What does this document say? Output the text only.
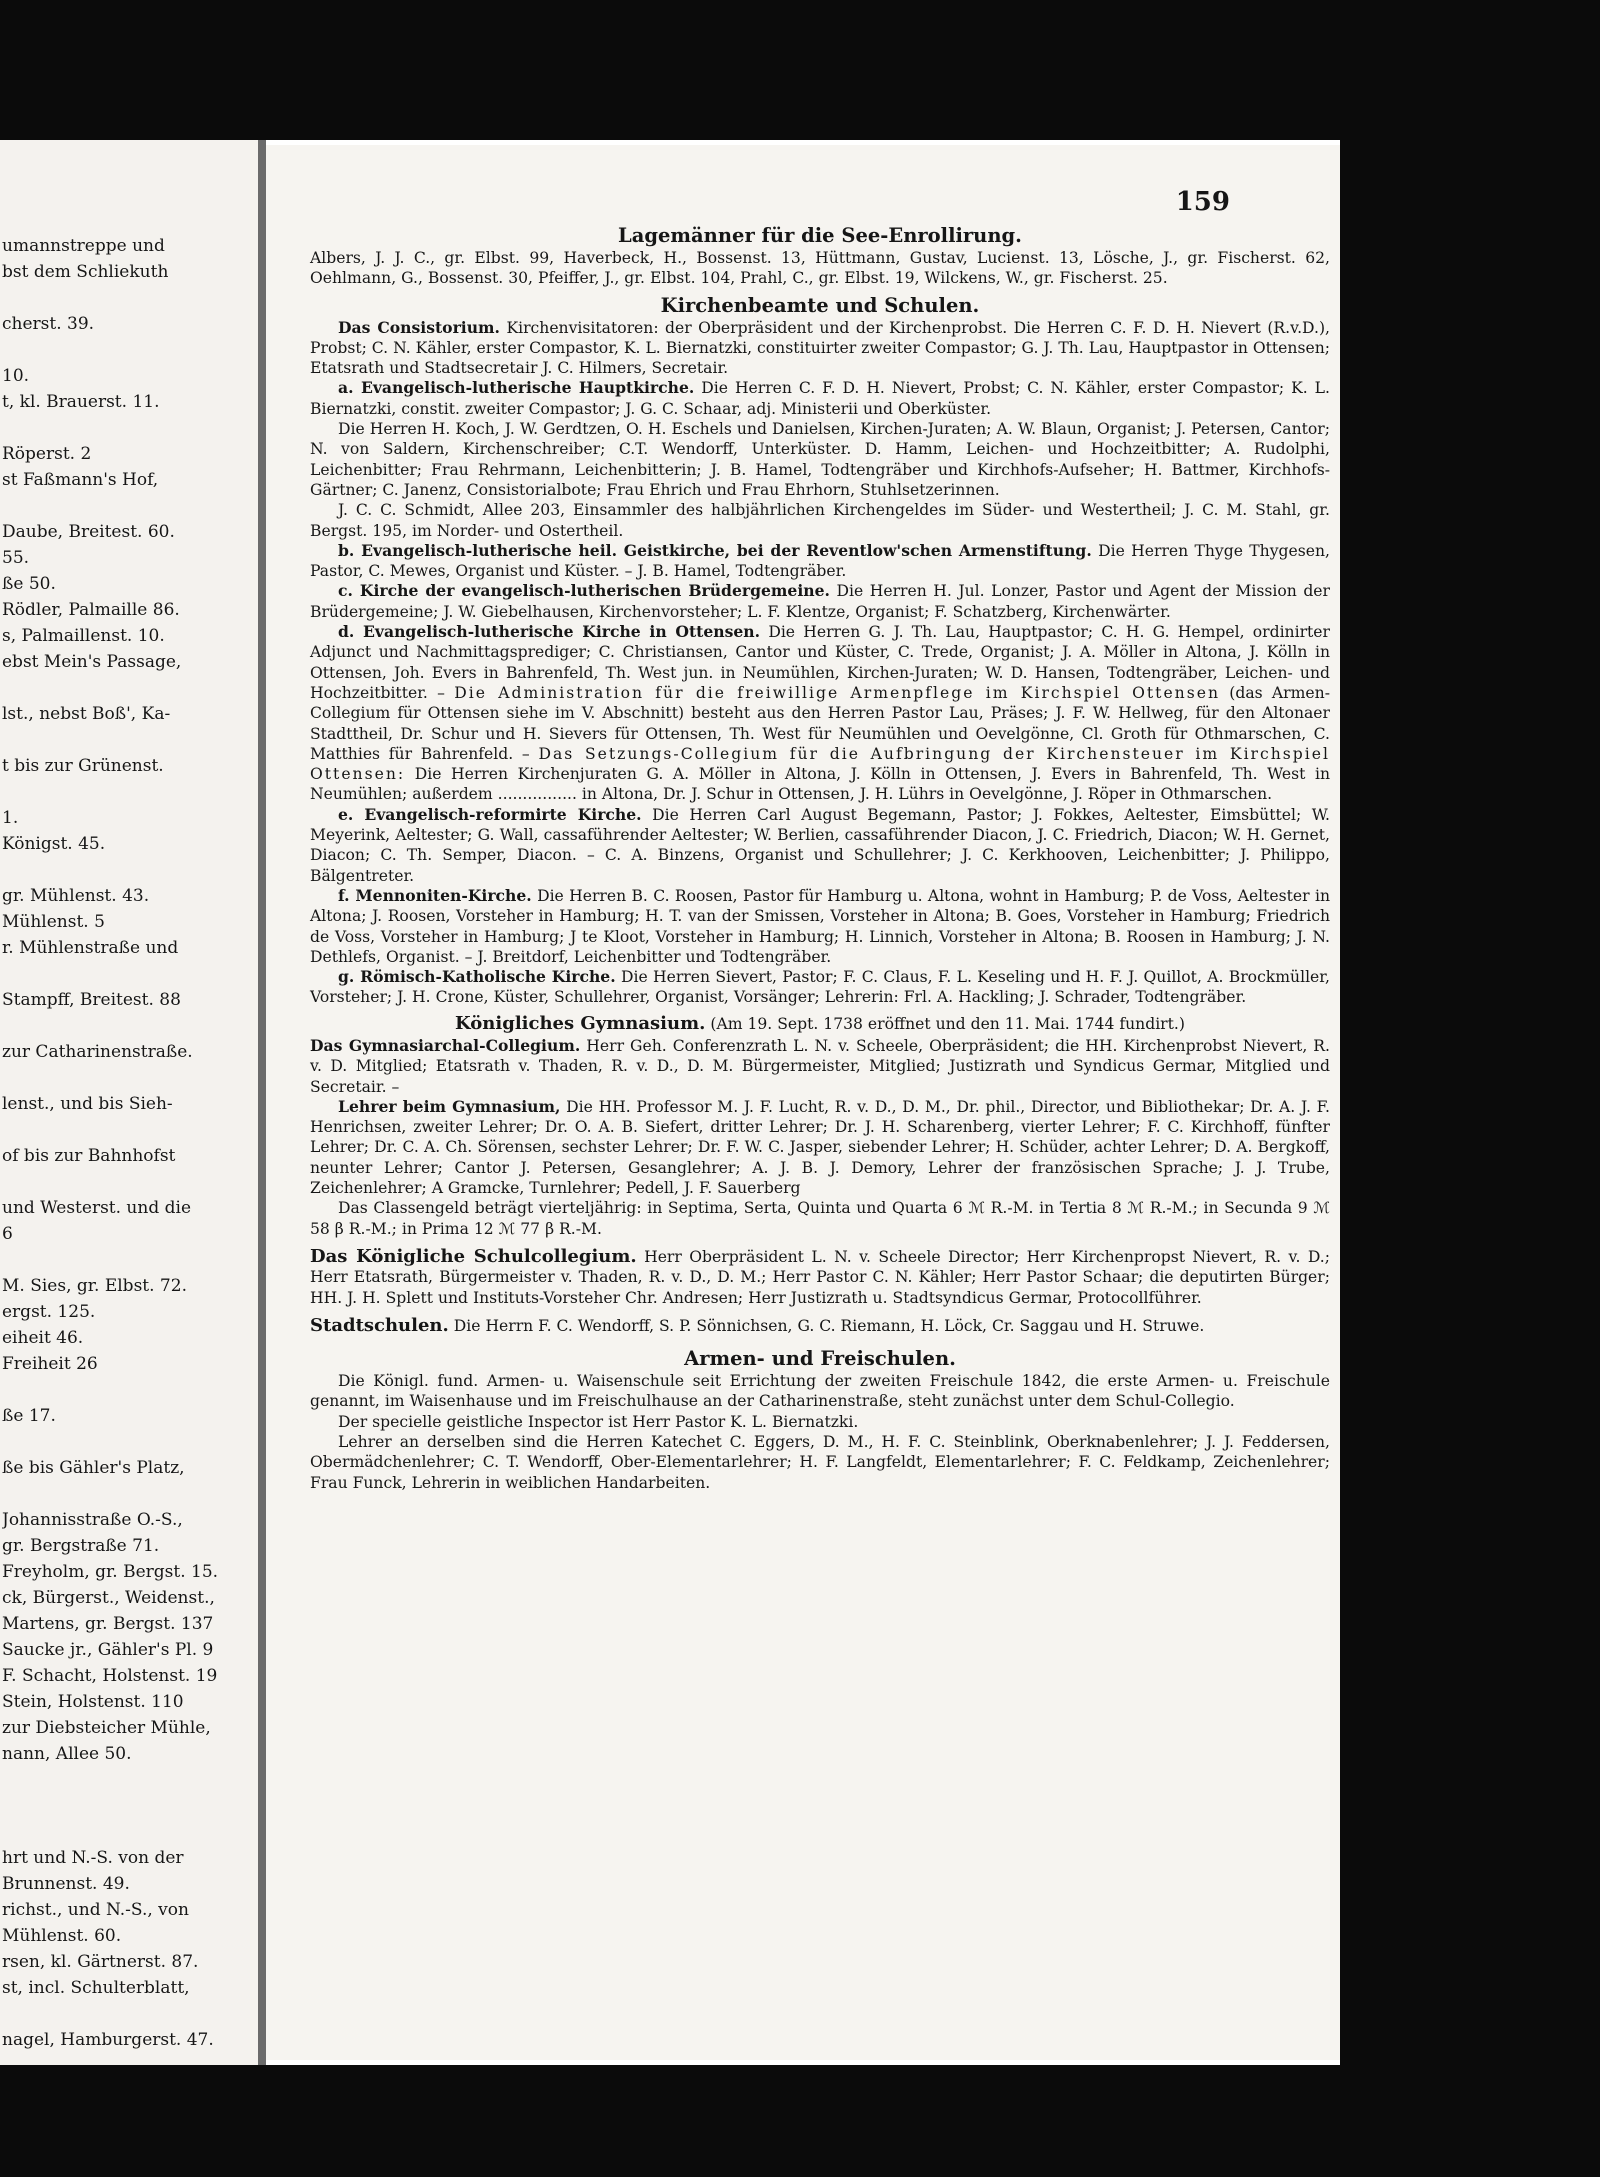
umannstreppe und
bst dem Schliekuth
cherst. 39.
10.
t, kl. Brauerst. 11.
Röperst. 2
st Faßmann's Hof,
Daube, Breitest. 60.
55.
ße 50.
Rödler, Palmaille 86.
s, Palmaillenst. 10.
ebst Mein's Passage,
lst., nebst Boß', Ka-
t bis zur Grünenst.
1.
Königst. 45.
gr. Mühlenst. 43.
Mühlenst. 5
r. Mühlenstraße und
Stampff, Breitest. 88
zur Catharinenstraße.
lenst., und bis Sieh-
of bis zur Bahnhofst
und Westerst. und die
6
M. Sies, gr. Elbst. 72.
ergst. 125.
eiheit 46.
Freiheit 26
ße 17.
ße bis Gähler's Platz,
Johannisstraße O.-S.,
gr. Bergstraße 71.
Freyholm, gr. Bergst. 15.
ck, Bürgerst., Weidenst.,
Martens, gr. Bergst. 137
Saucke jr., Gähler's Pl. 9
F. Schacht, Holstenst. 19
Stein, Holstenst. 110
zur Diebsteicher Mühle,
nann, Allee 50.
hrt und N.-S. von der
Brunnenst. 49.
richst., und N.-S., von
Mühlenst. 60.
rsen, kl. Gärtnerst. 87.
st, incl. Schulterblatt,
nagel, Hamburgerst. 47.
159

Lagemänner für die See-Enrollirung.

Albers, J. J. C., gr. Elbst. 99, Haverbeck, H., Bossenst. 13, Hüttmann, Gustav, Lucienst. 13, Lösche, J., gr. Fischerst. 62, Oehlmann, G., Bossenst. 30, Pfeiffer, J., gr. Elbst. 104, Prahl, C., gr. Elbst. 19, Wilckens, W., gr. Fischerst. 25.

Kirchenbeamte und Schulen.

Das Consistorium. Kirchenvisitatoren: der Oberpräsident und der Kirchenprobst. Die Herren C. F. D. H. Nievert (R.v.D.), Probst; C. N. Kähler, erster Compastor, K. L. Biernatzki, constituirter zweiter Compastor; G. J. Th. Lau, Hauptpastor in Ottensen; Etatsrath und Stadtsecretair J. C. Hilmers, Secretair.

a. Evangelisch-lutherische Hauptkirche. Die Herren C. F. D. H. Nievert, Probst; C. N. Kähler, erster Compastor; K. L. Biernatzki, constit. zweiter Compastor; J. G. C. Schaar, adj. Ministerii und Oberküster.

Die Herren H. Koch, J. W. Gerdtzen, O. H. Eschels und Danielsen, Kirchen-Juraten; A. W. Blaun, Organist; J. Petersen, Cantor; N. von Saldern, Kirchenschreiber; C.T. Wendorff, Unterküster. D. Hamm, Leichen- und Hochzeitbitter; A. Rudolphi, Leichenbitter; Frau Rehrmann, Leichenbitterin; J. B. Hamel, Todtengräber und Kirchhofs-Aufseher; H. Battmer, Kirchhofs-Gärtner; C. Janenz, Consistorialbote; Frau Ehrich und Frau Ehrhorn, Stuhlsetzerinnen.

J. C. C. Schmidt, Allee 203, Einsammler des halbjährlichen Kirchengeldes im Süder- und Westertheil; J. C. M. Stahl, gr. Bergst. 195, im Norder- und Ostertheil.

b. Evangelisch-lutherische heil. Geistkirche, bei der Reventlow'schen Armenstiftung. Die Herren Thyge Thygesen, Pastor, C. Mewes, Organist und Küster. – J. B. Hamel, Todtengräber.

c. Kirche der evangelisch-lutherischen Brüdergemeine. Die Herren H. Jul. Lonzer, Pastor und Agent der Mission der Brüdergemeine; J. W. Giebelhausen, Kirchenvorsteher; L. F. Klentze, Organist; F. Schatzberg, Kirchenwärter.

d. Evangelisch-lutherische Kirche in Ottensen. Die Herren G. J. Th. Lau, Hauptpastor; C. H. G. Hempel, ordinirter Adjunct und Nachmittagsprediger; C. Christiansen, Cantor und Küster, C. Trede, Organist; J. A. Möller in Altona, J. Kölln in Ottensen, Joh. Evers in Bahrenfeld, Th. West jun. in Neumühlen, Kirchen-Juraten; W. D. Hansen, Todtengräber, Leichen- und Hochzeitbitter. – Die Administration für die freiwillige Armenpflege im Kirchspiel Ottensen (das Armen-Collegium für Ottensen siehe im V. Abschnitt) besteht aus den Herren Pastor Lau, Präses; J. F. W. Hellweg, für den Altonaer Stadttheil, Dr. Schur und H. Sievers für Ottensen, Th. West für Neumühlen und Oevelgönne, Cl. Groth für Othmarschen, C. Matthies für Bahrenfeld. – Das Setzungs-Collegium für die Aufbringung der Kirchensteuer im Kirchspiel Ottensen: Die Herren Kirchenjuraten G. A. Möller in Altona, J. Kölln in Ottensen, J. Evers in Bahrenfeld, Th. West in Neumühlen; außerdem ................ in Altona, Dr. J. Schur in Ottensen, J. H. Lührs in Oevelgönne, J. Röper in Othmarschen.

e. Evangelisch-reformirte Kirche. Die Herren Carl August Begemann, Pastor; J. Fokkes, Aeltester, Eimsbüttel; W. Meyerink, Aeltester; G. Wall, cassaführender Aeltester; W. Berlien, cassaführender Diacon, J. C. Friedrich, Diacon; W. H. Gernet, Diacon; C. Th. Semper, Diacon. – C. A. Binzens, Organist und Schullehrer; J. C. Kerkhooven, Leichenbitter; J. Philippo, Bälgentreter.

f. Mennoniten-Kirche. Die Herren B. C. Roosen, Pastor für Hamburg u. Altona, wohnt in Hamburg; P. de Voss, Aeltester in Altona; J. Roosen, Vorsteher in Hamburg; H. T. van der Smissen, Vorsteher in Altona; B. Goes, Vorsteher in Hamburg; Friedrich de Voss, Vorsteher in Hamburg; J te Kloot, Vorsteher in Hamburg; H. Linnich, Vorsteher in Altona; B. Roosen in Hamburg; J. N. Dethlefs, Organist. – J. Breitdorf, Leichenbitter und Todtengräber.

g. Römisch-Katholische Kirche. Die Herren Sievert, Pastor; F. C. Claus, F. L. Keseling und H. F. J. Quillot, A. Brockmüller, Vorsteher; J. H. Crone, Küster, Schullehrer, Organist, Vorsänger; Lehrerin: Frl. A. Hackling; J. Schrader, Todtengräber.

Königliches Gymnasium. (Am 19. Sept. 1738 eröffnet und den 11. Mai. 1744 fundirt.)

Das Gymnasiarchal-Collegium. Herr Geh. Conferenzrath L. N. v. Scheele, Oberpräsident; die HH. Kirchenprobst Nievert, R. v. D. Mitglied; Etatsrath v. Thaden, R. v. D., D. M. Bürgermeister, Mitglied; Justizrath und Syndicus Germar, Mitglied und Secretair. –

Lehrer beim Gymnasium, Die HH. Professor M. J. F. Lucht, R. v. D., D. M., Dr. phil., Director, und Bibliothekar; Dr. A. J. F. Henrichsen, zweiter Lehrer; Dr. O. A. B. Siefert, dritter Lehrer; Dr. J. H. Scharenberg, vierter Lehrer; F. C. Kirchhoff, fünfter Lehrer; Dr. C. A. Ch. Sörensen, sechster Lehrer; Dr. F. W. C. Jasper, siebender Lehrer; H. Schüder, achter Lehrer; D. A. Bergkoff, neunter Lehrer; Cantor J. Petersen, Gesanglehrer; A. J. B. J. Demory, Lehrer der französischen Sprache; J. J. Trube, Zeichenlehrer; A Gramcke, Turnlehrer; Pedell, J. F. Sauerberg

Das Classengeld beträgt vierteljährig: in Septima, Serta, Quinta und Quarta 6 ℳ R.-M. in Tertia 8 ℳ R.-M.; in Secunda 9 ℳ 58 β R.-M.; in Prima 12 ℳ 77 β R.-M.

Das Königliche Schulcollegium. Herr Oberpräsident L. N. v. Scheele Director; Herr Kirchenpropst Nievert, R. v. D.; Herr Etatsrath, Bürgermeister v. Thaden, R. v. D., D. M.; Herr Pastor C. N. Kähler; Herr Pastor Schaar; die deputirten Bürger; HH. J. H. Splett und Instituts-Vorsteher Chr. Andresen; Herr Justizrath u. Stadtsyndicus Germar, Protocollführer.

Stadtschulen. Die Herrn F. C. Wendorff, S. P. Sönnichsen, G. C. Riemann, H. Löck, Cr. Saggau und H. Struwe.

Armen- und Freischulen.

Die Königl. fund. Armen- u. Waisenschule seit Errichtung der zweiten Freischule 1842, die erste Armen- u. Freischule genannt, im Waisenhause und im Freischulhause an der Catharinenstraße, steht zunächst unter dem Schul-Collegio.

Der specielle geistliche Inspector ist Herr Pastor K. L. Biernatzki.

Lehrer an derselben sind die Herren Katechet C. Eggers, D. M., H. F. C. Steinblink, Oberknabenlehrer; J. J. Feddersen, Obermädchenlehrer; C. T. Wendorff, Ober-Elementarlehrer; H. F. Langfeldt, Elementarlehrer; F. C. Feldkamp, Zeichenlehrer; Frau Funck, Lehrerin in weiblichen Handarbeiten.
